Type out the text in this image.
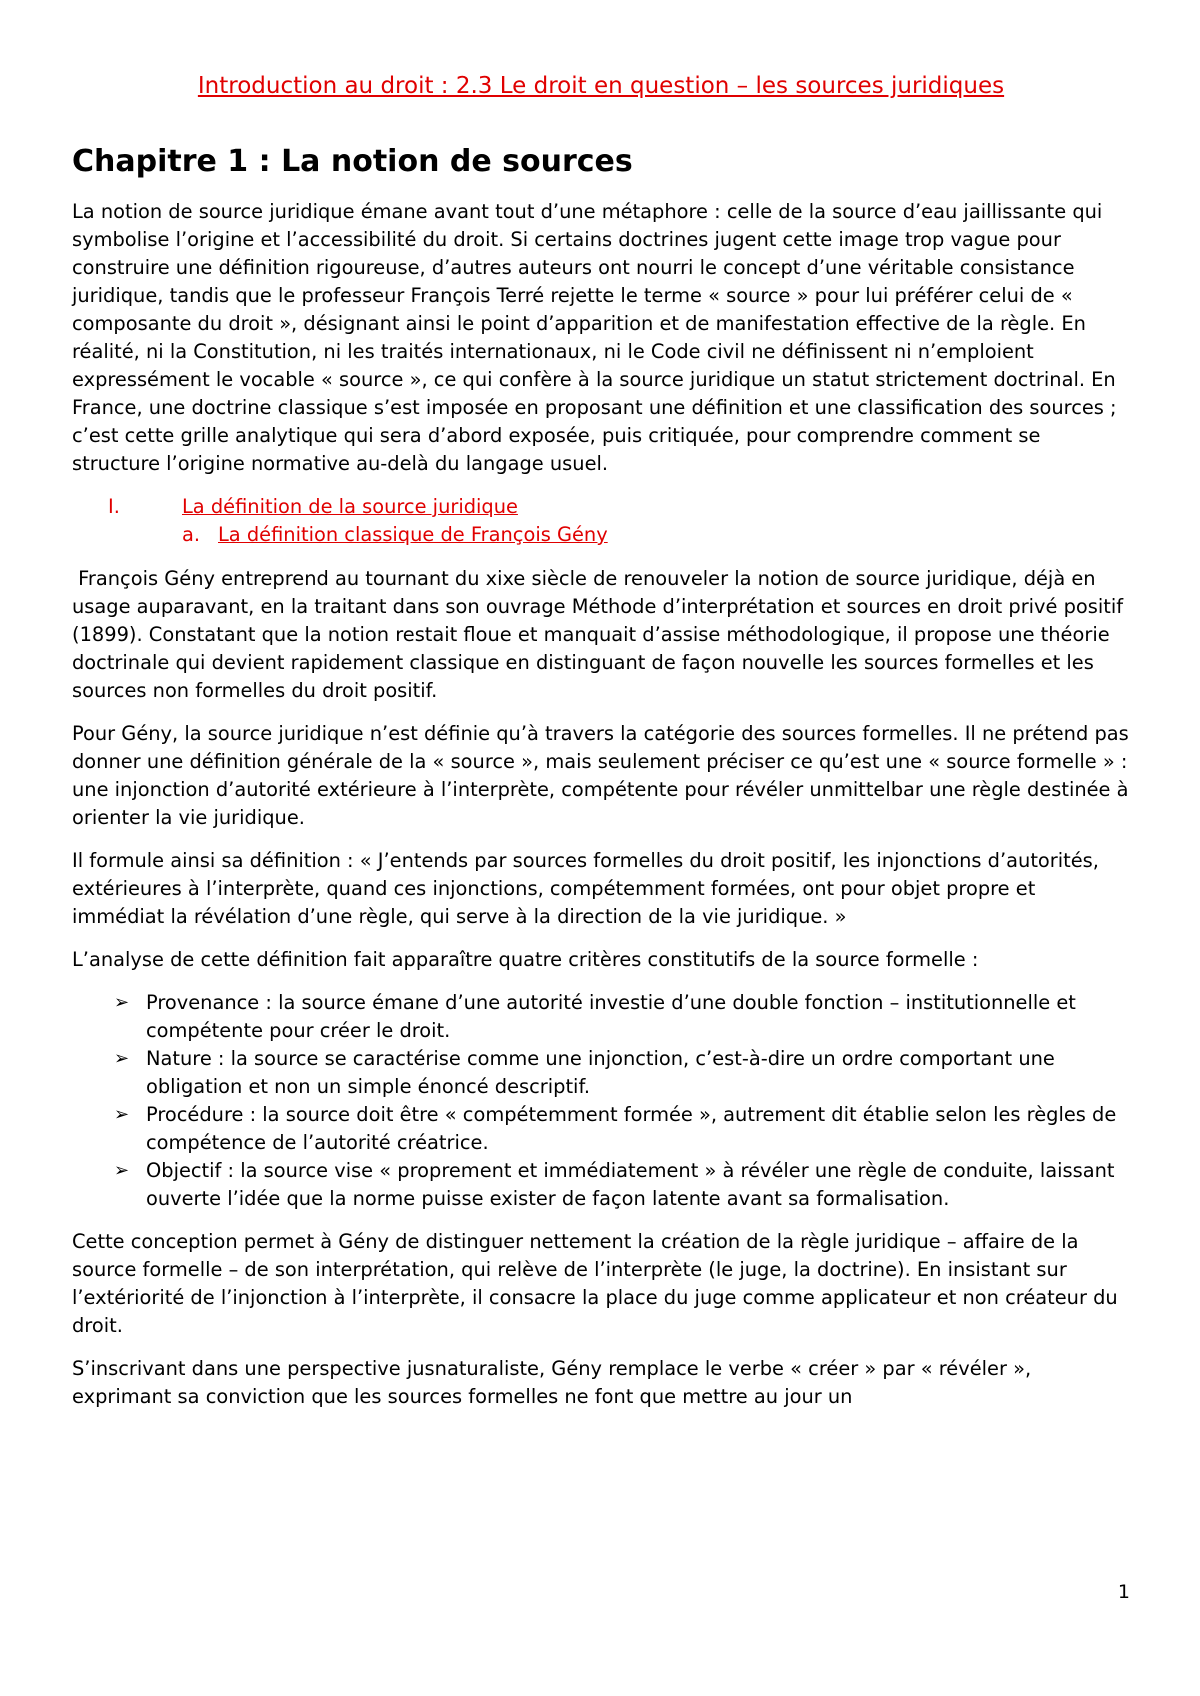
Introduction au droit : 2.3 Le droit en question – les sources juridiques
Chapitre 1 : La notion de sources

La notion de source juridique émane avant tout d’une métaphore : celle de la source d’eau jaillissante qui symbolise l’origine et l’accessibilité du droit. Si certains doctrines jugent cette image trop vague pour construire une définition rigoureuse, d’autres auteurs ont nourri le concept d’une véritable consistance juridique, tandis que le professeur François Terré rejette le terme « source » pour lui préférer celui de « composante du droit », désignant ainsi le point d’apparition et de manifestation effective de la règle. En réalité, ni la Constitution, ni les traités internationaux, ni le Code civil ne définissent ni n’emploient expressément le vocable « source », ce qui confère à la source juridique un statut strictement doctrinal. En France, une doctrine classique s’est imposée en proposant une définition et une classification des sources ; c’est cette grille analytique qui sera d’abord exposée, puis critiquée, pour comprendre comment se structure l’origine normative au-delà du langage usuel.

I.	La définition de la source juridique
a. La définition classique de François Gény

François Gény entreprend au tournant du xixe siècle de renouveler la notion de source juridique, déjà en usage auparavant, en la traitant dans son ouvrage Méthode d’interprétation et sources en droit privé positif (1899). Constatant que la notion restait floue et manquait d’assise méthodologique, il propose une théorie doctrinale qui devient rapidement classique en distinguant de façon nouvelle les sources formelles et les sources non formelles du droit positif.

Pour Gény, la source juridique n’est définie qu’à travers la catégorie des sources formelles. Il ne prétend pas donner une définition générale de la « source », mais seulement préciser ce qu’est une « source formelle » : une injonction d’autorité extérieure à l’interprète, compétente pour révéler unmittelbar une règle destinée à orienter la vie juridique.

Il formule ainsi sa définition : « J’entends par sources formelles du droit positif, les injonctions d’autorités, extérieures à l’interprète, quand ces injonctions, compétemment formées, ont pour objet propre et immédiat la révélation d’une règle, qui serve à la direction de la vie juridique. »

L’analyse de cette définition fait apparaître quatre critères constitutifs de la source formelle :

➢ Provenance : la source émane d’une autorité investie d’une double fonction – institutionnelle et compétente pour créer le droit.
➢ Nature : la source se caractérise comme une injonction, c’est-à-dire un ordre comportant une obligation et non un simple énoncé descriptif.
➢ Procédure : la source doit être « compétemment formée », autrement dit établie selon les règles de compétence de l’autorité créatrice.
➢ Objectif : la source vise « proprement et immédiatement » à révéler une règle de conduite, laissant ouverte l’idée que la norme puisse exister de façon latente avant sa formalisation.

Cette conception permet à Gény de distinguer nettement la création de la règle juridique – affaire de la source formelle – de son interprétation, qui relève de l’interprète (le juge, la doctrine). En insistant sur l’extériorité de l’injonction à l’interprète, il consacre la place du juge comme applicateur et non créateur du droit.

S’inscrivant dans une perspective jusnaturaliste, Gény remplace le verbe « créer » par « révéler », exprimant sa conviction que les sources formelles ne font que mettre au jour un

1
